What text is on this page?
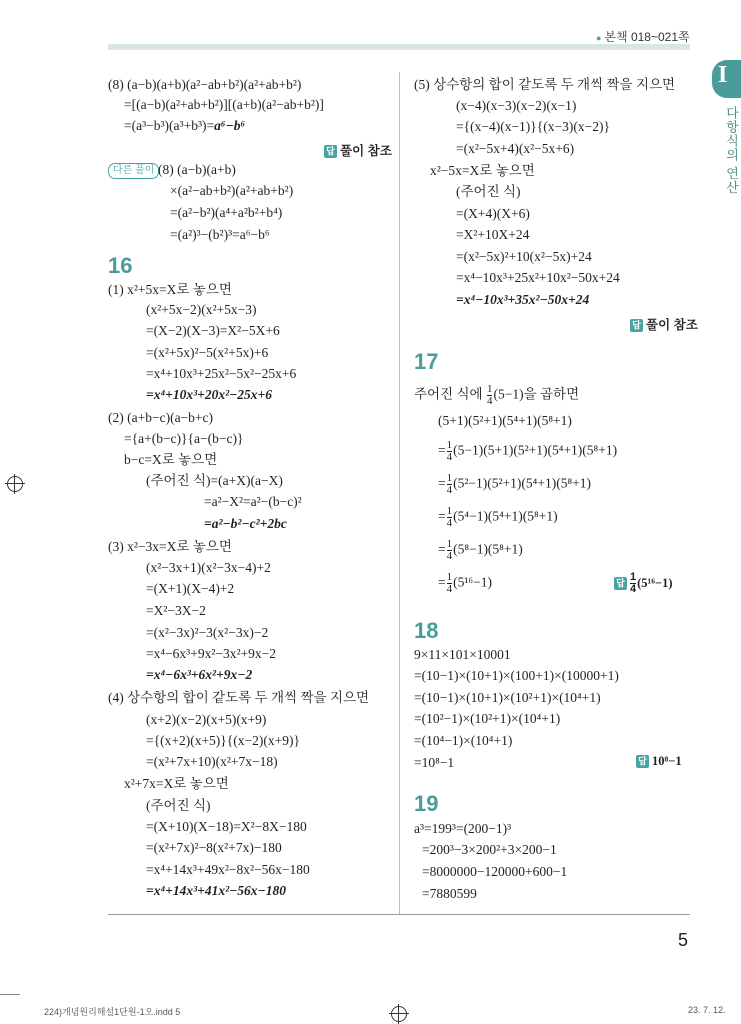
● 본책 018~021쪽
I
다항식의 연산
(8) (a−b)(a+b)(a²−ab+b²)(a²+ab+b²)
=[(a−b)(a²+ab+b²)][(a+b)(a²−ab+b²)]
=(a³−b³)(a³+b³)=a⁶−b⁶
답 풀이 참조
다른 풀이 (8) (a−b)(a+b)
×(a²−ab+b²)(a²+ab+b²)
=(a²−b²)(a⁴+a²b²+b⁴)
=(a²)³−(b²)³=a⁶−b⁶
16
(1) x²+5x=X로 놓으면
(x²+5x−2)(x²+5x−3)
=(X−2)(X−3)=X²−5X+6
=(x²+5x)²−5(x²+5x)+6
=x⁴+10x³+25x²−5x²−25x+6
=x⁴+10x³+20x²−25x+6
(2) (a+b−c)(a−b+c)
={a+(b−c)}{a−(b−c)}
b−c=X로 놓으면
(주어진 식)=(a+X)(a−X)
=a²−X²=a²−(b−c)²
=a²−b²−c²+2bc
(3) x²−3x=X로 놓으면
(x²−3x+1)(x²−3x−4)+2
=(X+1)(X−4)+2
=X²−3X−2
=(x²−3x)²−3(x²−3x)−2
=x⁴−6x³+9x²−3x²+9x−2
=x⁴−6x³+6x²+9x−2
(4) 상수항의 합이 같도록 두 개씩 짝을 지으면
(x+2)(x−2)(x+5)(x+9)
={(x+2)(x+5)}{(x−2)(x+9)}
=(x²+7x+10)(x²+7x−18)
x²+7x=X로 놓으면
(주어진 식)
=(X+10)(X−18)=X²−8X−180
=(x²+7x)²−8(x²+7x)−180
=x⁴+14x³+49x²−8x²−56x−180
=x⁴+14x³+41x²−56x−180
(5) 상수항의 합이 같도록 두 개씩 짝을 지으면
(x−4)(x−3)(x−2)(x−1)
={(x−4)(x−1)}{(x−3)(x−2)}
=(x²−5x+4)(x²−5x+6)
x²−5x=X로 놓으면
(주어진 식)
=(X+4)(X+6)
=X²+10X+24
=(x²−5x)²+10(x²−5x)+24
=x⁴−10x³+25x²+10x²−50x+24
=x⁴−10x³+35x²−50x+24
답 풀이 참조
17
주어진 식에 $\frac{1}{4} (5-1)$을 곱하면
(5+1)(5²+1)(5⁴+1)(5⁸+1)
= $\frac{1}{4} (5-1)(5+1)(5^2+1)(5^4+1)(5^8+1)$
= $\frac{1}{4} (5^2-1)(5^2+1)(5^4+1)(5^8+1)$
= $\frac{1}{4} (5^4-1)(5^4+1)(5^8+1)$
= $\frac{1}{4} (5^8-1)(5^8+1)$
= $\frac{1}{4} (5^{16}-1)$	답 $\frac{1}{4} (5^{16}-1)$
18
9×11×101×10001
=(10−1)×(10+1)×(100+1)×(10000+1)
=(10−1)×(10+1)×(10²+1)×(10⁴+1)
=(10²−1)×(10²+1)×(10⁴+1)
=(10⁴−1)×(10⁴+1)
=10⁸−1	답 10⁸−1
19
a³=199³=(200−1)³
=200³−3×200²+3×200−1
=8000000−120000+600−1
=7880599
5
224)개념원리해설1단원-1오.indd 5	23. 7. 12.
